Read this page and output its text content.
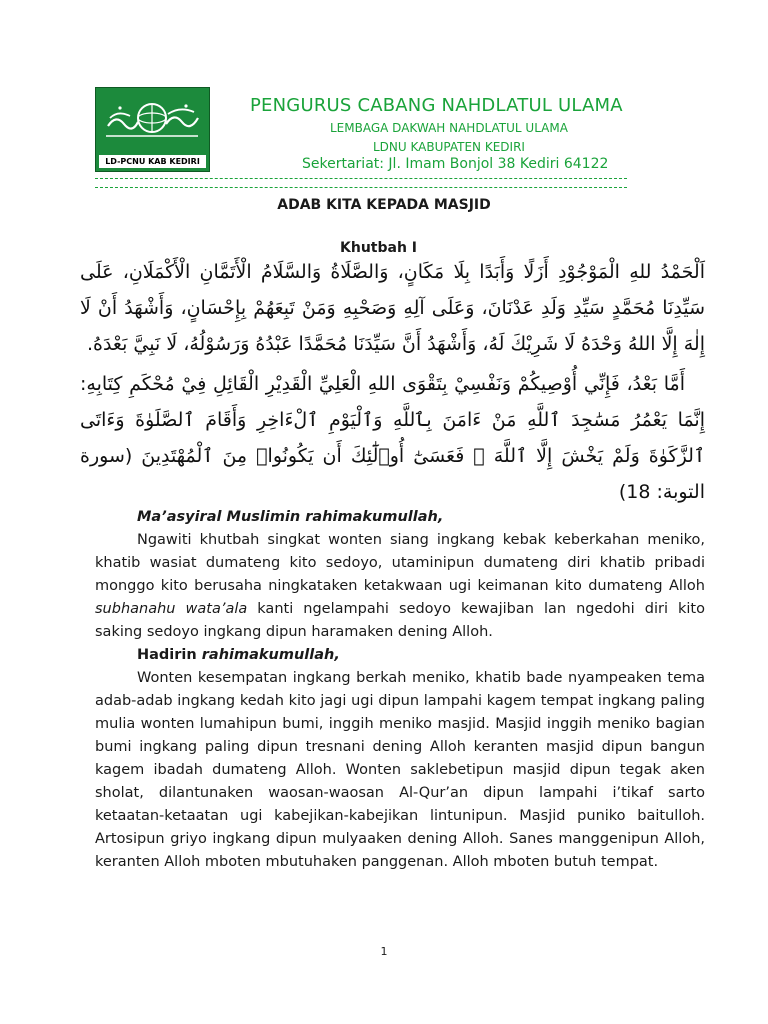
LD-PCNU KAB KEDIRI
PENGURUS CABANG NAHDLATUL ULAMA
LEMBAGA DAKWAH NAHDLATUL ULAMA
LDNU KABUPATEN KEDIRI
Sekertariat: Jl. Imam Bonjol 38 Kediri 64122
ADAB KITA KEPADA MASJID
Khutbah I
اَلْحَمْدُ للهِ الْمَوْجُوْدِ أَزَلًا وَأَبَدًا بِلَا مَكَانٍ، وَالصَّلَاةُ وَالسَّلَامُ الْأَتَمَّانِ الْأَكْمَلَانِ، عَلَى سَيِّدِنَا مُحَمَّدٍ سَيِّدِ وَلَدِ عَدْنَانَ، وَعَلَى آلِهِ وَصَحْبِهِ وَمَنْ تَبِعَهُمْ بِإِحْسَانٍ، وَأَشْهَدُ أَنْ لَا إِلٰهَ إِلَّا اللهُ وَحْدَهُ لَا شَرِيْكَ لَهُ، وَأَشْهَدُ أَنَّ سَيِّدَنَا مُحَمَّدًا عَبْدُهُ وَرَسُوْلُهُ، لَا نَبِيَّ بَعْدَهُ.
أَمَّا بَعْدُ، فَإِنِّي أُوْصِيكُمْ وَنَفْسِيْ بِتَقْوَى اللهِ الْعَلِيِّ الْقَدِيْرِ الْقَائِلِ فِيْ مُحْكَمِ كِتَابِهِ: إِنَّمَا يَعْمُرُ مَسَٰجِدَ ٱللَّهِ مَنْ ءَامَنَ بِٱللَّهِ وَٱلْيَوْمِ ٱلْءَاخِرِ وَأَقَامَ ٱلصَّلَوٰةَ وَءَاتَى ٱلزَّكَوٰةَ وَلَمْ يَخْشَ إِلَّا ٱللَّهَ ۖ فَعَسَىٰٓ أُو۟لَٰٓئِكَ أَن يَكُونُوا۟ مِنَ ٱلْمُهْتَدِينَ (سورة التوبة: 18)
Ma’asyiral Muslimin rahimakumullah,

Ngawiti khutbah singkat wonten siang ingkang kebak keberkahan meniko, khatib wasiat dumateng kito sedoyo, utaminipun dumateng diri khatib pribadi monggo kito berusaha ningkataken ketakwaan ugi keimanan kito dumateng Alloh subhanahu wata’ala kanti ngelampahi sedoyo kewajiban lan ngedohi diri kito saking sedoyo ingkang dipun haramaken dening Alloh.

Hadirin rahimakumullah,

Wonten kesempatan ingkang berkah meniko, khatib bade nyampeaken tema adab-adab ingkang kedah kito jagi ugi dipun lampahi kagem tempat ingkang paling mulia wonten lumahipun bumi, inggih meniko masjid. Masjid inggih meniko bagian bumi ingkang paling dipun tresnani dening Alloh keranten masjid dipun bangun kagem ibadah dumateng Alloh. Wonten saklebetipun masjid dipun tegak aken sholat, dilantunaken waosan-waosan Al-Qur’an dipun lampahi i’tikaf sarto ketaatan-ketaatan ugi kabejikan-kabejikan lintunipun. Masjid puniko baitulloh. Artosipun griyo ingkang dipun mulyaaken dening Alloh. Sanes manggenipun Alloh, keranten Alloh mboten mbutuhaken panggenan. Alloh mboten butuh tempat.

1
